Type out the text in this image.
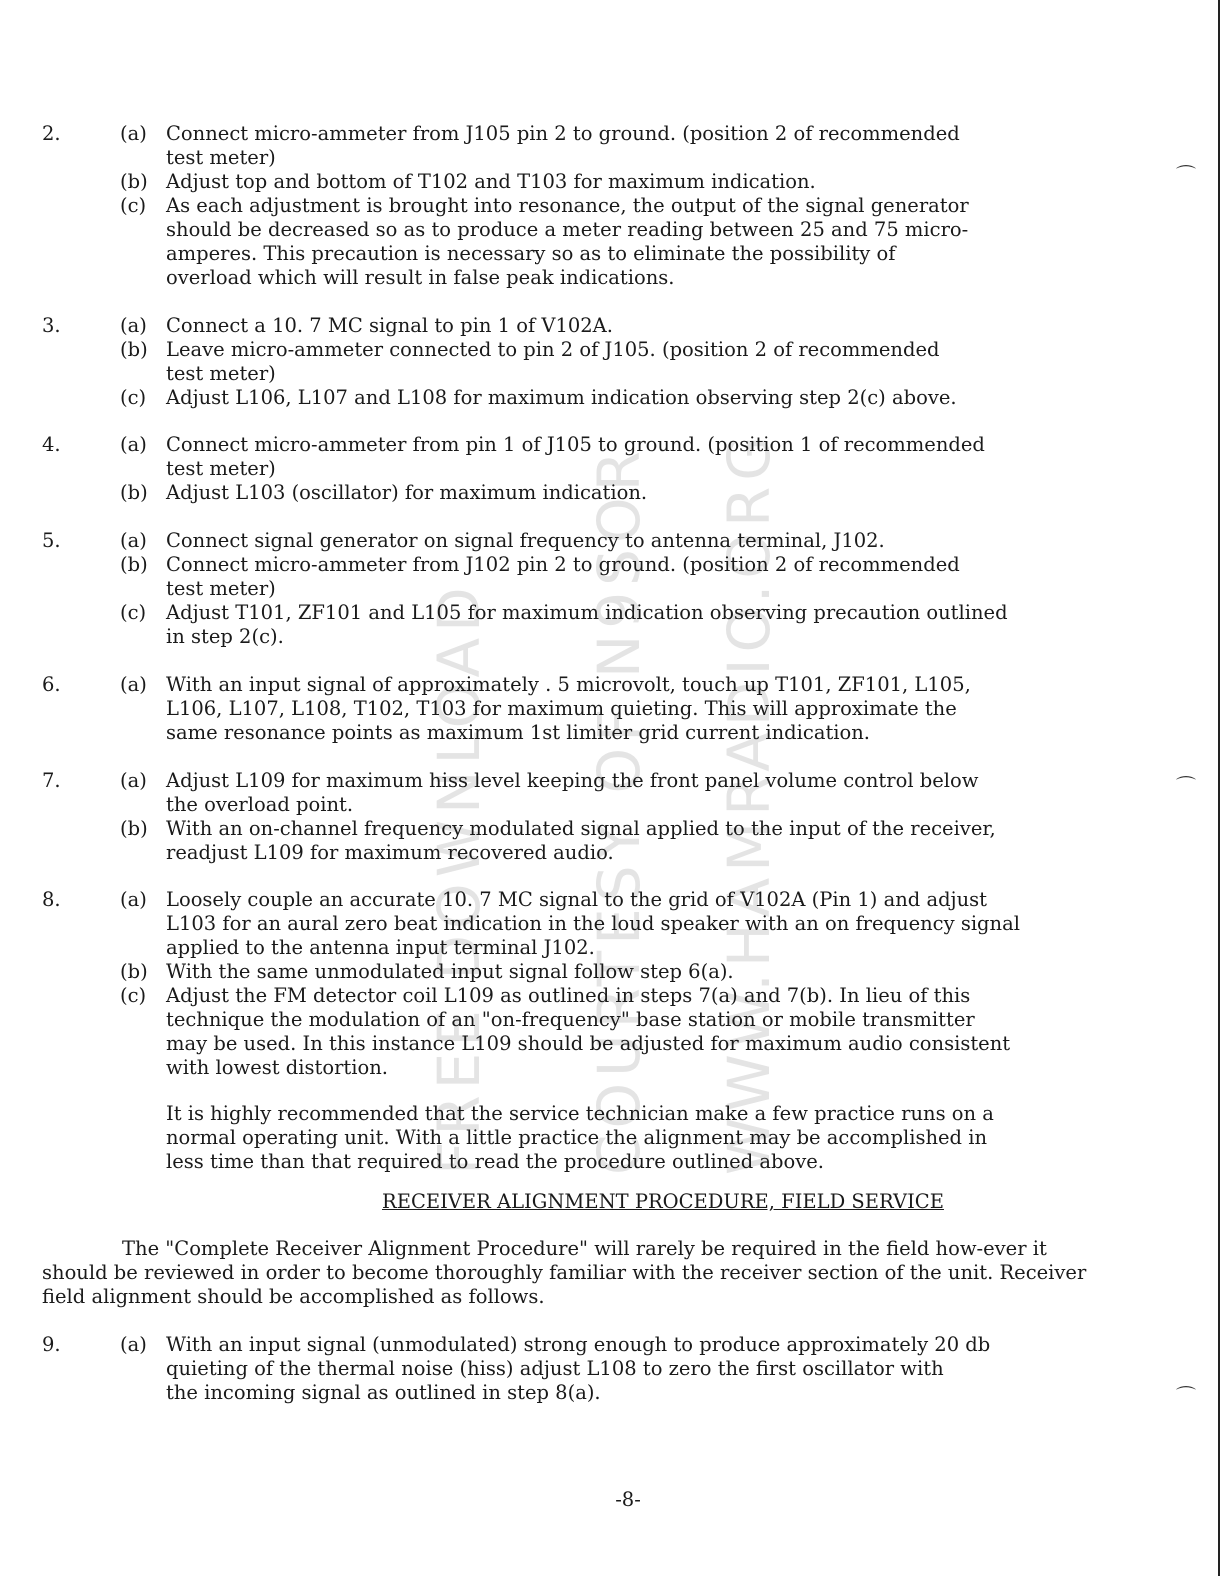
⌒
⌒
⌒
FREE DOWNLOAD COURTESY OF N9SOR WWW.HAMRADIO.ORG
2.	(a) Connect micro-ammeter from J105 pin 2 to ground. (position 2 of recommended
test meter)
(b) Adjust top and bottom of T102 and T103 for maximum indication.
(c) As each adjustment is brought into resonance, the output of the signal generator
should be decreased so as to produce a meter reading between 25 and 75 micro-
amperes. This precaution is necessary so as to eliminate the possibility of
overload which will result in false peak indications.
3.	(a) Connect a 10. 7 MC signal to pin 1 of V102A.
(b) Leave micro-ammeter connected to pin 2 of J105. (position 2 of recommended
test meter)
(c) Adjust L106, L107 and L108 for maximum indication observing step 2(c) above.
4.	(a) Connect micro-ammeter from pin 1 of J105 to ground. (position 1 of recommended
test meter)
(b) Adjust L103 (oscillator) for maximum indication.
5.	(a) Connect signal generator on signal frequency to antenna terminal, J102.
(b) Connect micro-ammeter from J102 pin 2 to ground. (position 2 of recommended
test meter)
(c) Adjust T101, ZF101 and L105 for maximum indication observing precaution outlined
in step 2(c).
6.	(a) With an input signal of approximately . 5 microvolt, touch up T101, ZF101, L105,
L106, L107, L108, T102, T103 for maximum quieting. This will approximate the
same resonance points as maximum 1st limiter grid current indication.
7.	(a) Adjust L109 for maximum hiss level keeping the front panel volume control below
the overload point.
(b) With an on-channel frequency modulated signal applied to the input of the receiver,
readjust L109 for maximum recovered audio.
8.	(a) Loosely couple an accurate 10. 7 MC signal to the grid of V102A (Pin 1) and adjust
L103 for an aural zero beat indication in the loud speaker with an on frequency signal
applied to the antenna input terminal J102.
(b) With the same unmodulated input signal follow step 6(a).
(c) Adjust the FM detector coil L109 as outlined in steps 7(a) and 7(b). In lieu of this
technique the modulation of an "on-frequency" base station or mobile transmitter
may be used. In this instance L109 should be adjusted for maximum audio consistent
with lowest distortion.
It is highly recommended that the service technician make a few practice runs on a
normal operating unit. With a little practice the alignment may be accomplished in
less time than that required to read the procedure outlined above.
RECEIVER ALIGNMENT PROCEDURE, FIELD SERVICE
The "Complete Receiver Alignment Procedure" will rarely be required in the field how-ever it should be reviewed in order to become thoroughly familiar with the receiver section of the unit. Receiver field alignment should be accomplished as follows.
9.	(a) With an input signal (unmodulated) strong enough to produce approximately 20 db
quieting of the thermal noise (hiss) adjust L108 to zero the first oscillator with
the incoming signal as outlined in step 8(a).
-8-
